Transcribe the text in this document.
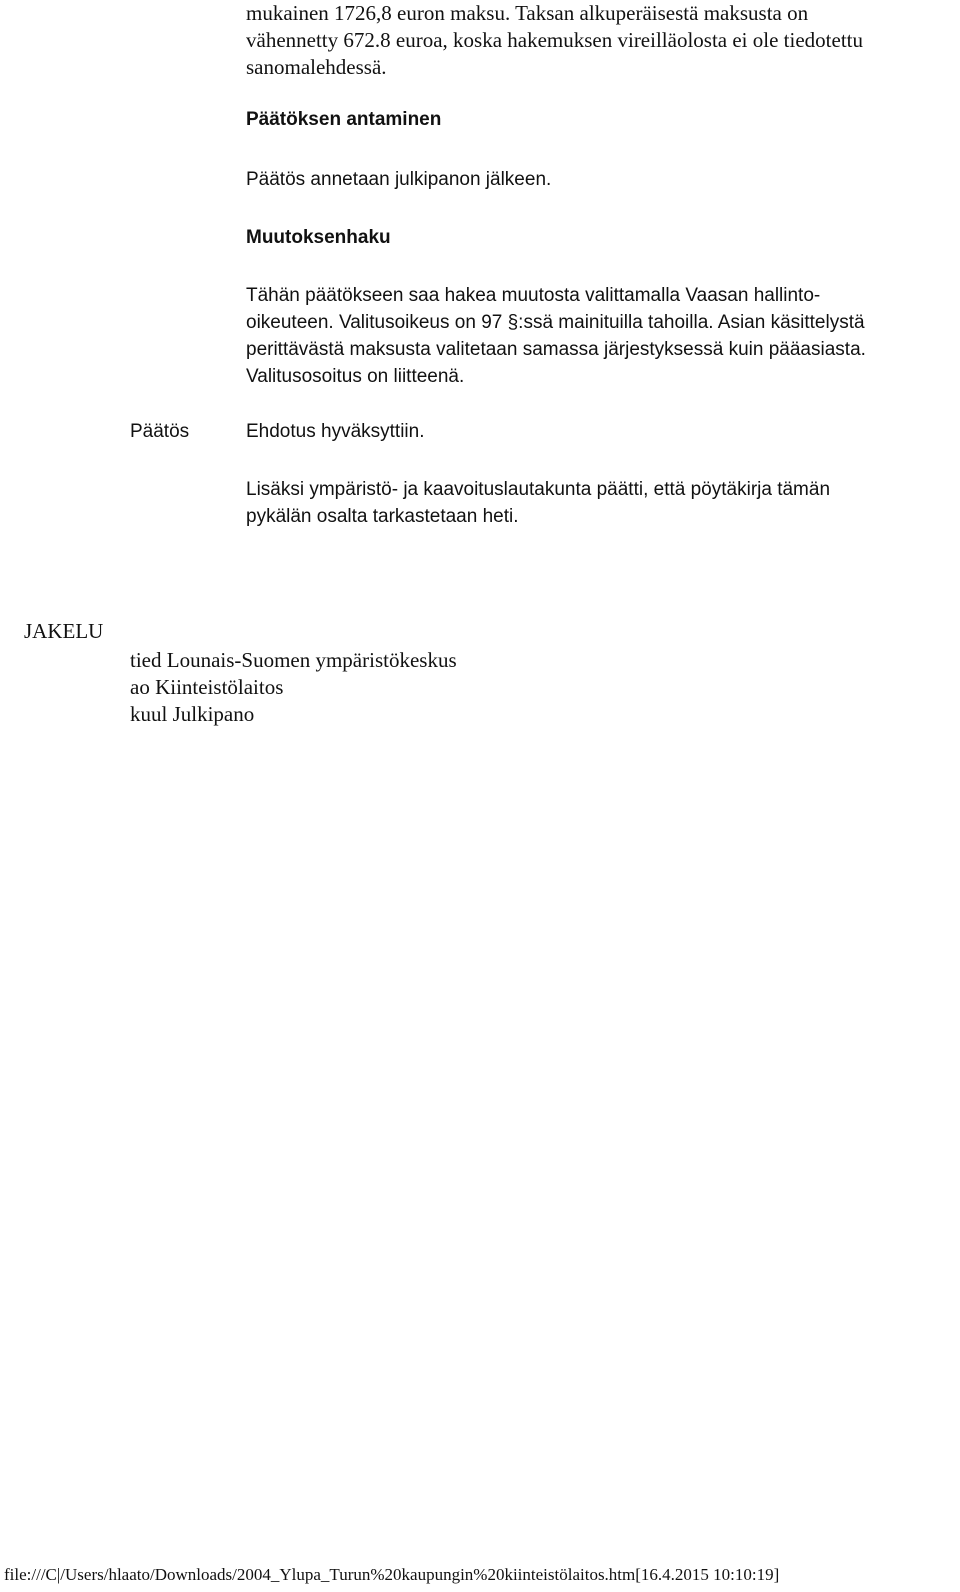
mukainen 1726,8 euron maksu. Taksan alkuperäisestä maksusta on
vähennetty 672.8 euroa, koska hakemuksen vireilläolosta ei ole tiedotettu
sanomalehdessä.
Päätöksen antaminen
Päätös annetaan julkipanon jälkeen.
Muutoksenhaku
Tähän päätökseen saa hakea muutosta valittamalla Vaasan hallinto-
oikeuteen. Valitusoikeus on 97 §:ssä mainituilla tahoilla. Asian käsittelystä
perittävästä maksusta valitetaan samassa järjestyksessä kuin pääasiasta.
Valitusosoitus on liitteenä.
Päätös	Ehdotus hyväksyttiin.
Lisäksi ympäristö- ja kaavoituslautakunta päätti, että pöytäkirja tämän
pykälän osalta tarkastetaan heti.
JAKELU
tied Lounais-Suomen ympäristökeskus
ao Kiinteistölaitos
kuul Julkipano
file:///C|/Users/hlaato/Downloads/2004_Ylupa_Turun%20kaupungin%20kiinteistölaitos.htm[16.4.2015 10:10:19]
